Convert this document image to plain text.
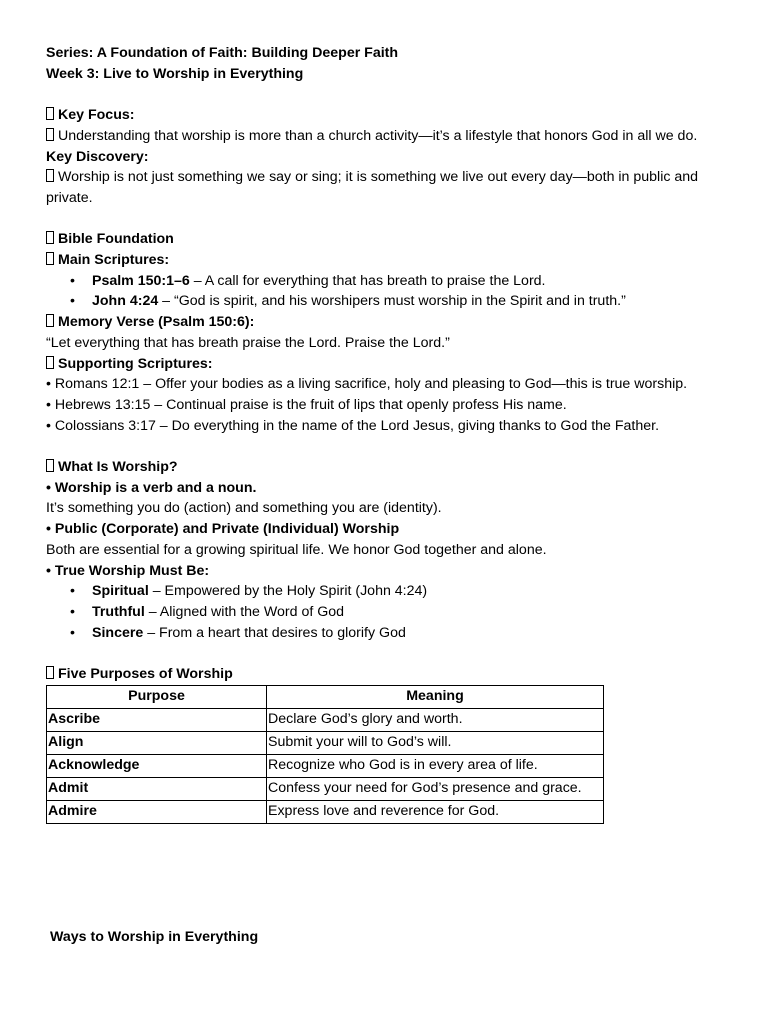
Series: A Foundation of Faith: Building Deeper Faith
Week 3: Live to Worship in Everything
Key Focus:
Understanding that worship is more than a church activity—it’s a lifestyle that honors God in all we do.
Key Discovery:
Worship is not just something we say or sing; it is something we live out every day—both in public and private.
Bible Foundation
Main Scriptures:
• Psalm 150:1–6 – A call for everything that has breath to praise the Lord.
• John 4:24 – “God is spirit, and his worshipers must worship in the Spirit and in truth.”
Memory Verse (Psalm 150:6):
“Let everything that has breath praise the Lord. Praise the Lord.”
Supporting Scriptures:
• Romans 12:1 – Offer your bodies as a living sacrifice, holy and pleasing to God—this is true worship.
• Hebrews 13:15 – Continual praise is the fruit of lips that openly profess His name.
• Colossians 3:17 – Do everything in the name of the Lord Jesus, giving thanks to God the Father.
What Is Worship?
• Worship is a verb and a noun.
It’s something you do (action) and something you are (identity).
• Public (Corporate) and Private (Individual) Worship
Both are essential for a growing spiritual life. We honor God together and alone.
• True Worship Must Be:
• Spiritual – Empowered by the Holy Spirit (John 4:24)
• Truthful – Aligned with the Word of God
• Sincere – From a heart that desires to glorify God
Five Purposes of Worship
Purpose	Meaning
Ascribe	Declare God’s glory and worth.
Align	Submit your will to God’s will.
Acknowledge	Recognize who God is in every area of life.
Admit	Confess your need for God’s presence and grace.
Admire	Express love and reverence for God.
Ways to Worship in Everything
